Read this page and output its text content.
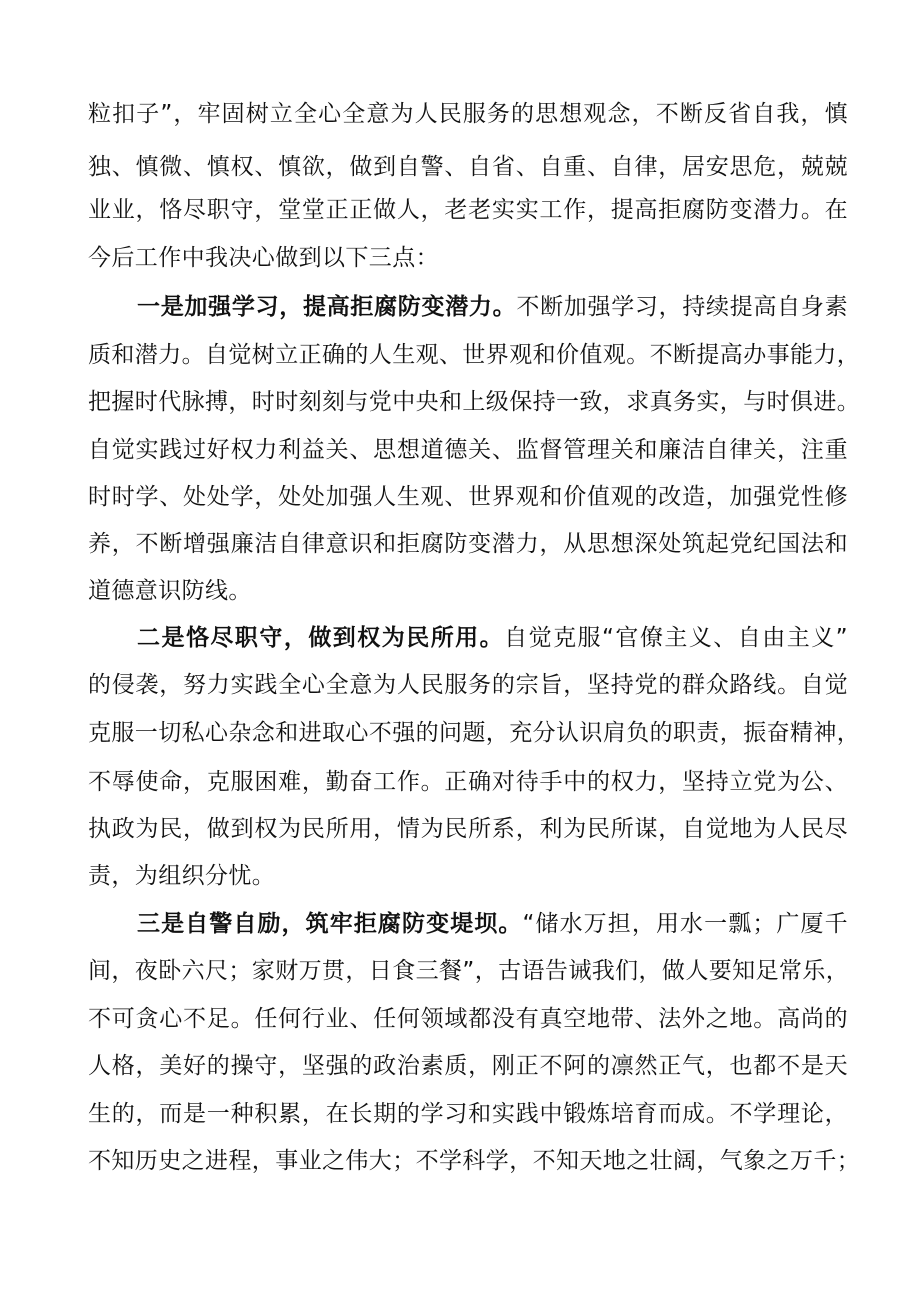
粒扣子”，牢固树立全心全意为人民服务的思想观念，不断反省自我，慎
独、慎微、慎权、慎欲，做到自警、自省、自重、自律，居安思危，兢兢
业业，恪尽职守，堂堂正正做人，老老实实工作，提高拒腐防变潜力。在
今后工作中我决心做到以下三点：
一是加强学习，提高拒腐防变潜力。不断加强学习，持续提高自身素
质和潜力。自觉树立正确的人生观、世界观和价值观。不断提高办事能力，
把握时代脉搏，时时刻刻与党中央和上级保持一致，求真务实，与时俱进。
自觉实践过好权力利益关、思想道德关、监督管理关和廉洁自律关，注重
时时学、处处学，处处加强人生观、世界观和价值观的改造，加强党性修
养，不断增强廉洁自律意识和拒腐防变潜力，从思想深处筑起党纪国法和
道德意识防线。
二是恪尽职守，做到权为民所用。自觉克服“官僚主义、自由主义”
的侵袭，努力实践全心全意为人民服务的宗旨，坚持党的群众路线。自觉
克服一切私心杂念和进取心不强的问题，充分认识肩负的职责，振奋精神，
不辱使命，克服困难，勤奋工作。正确对待手中的权力，坚持立党为公、
执政为民，做到权为民所用，情为民所系，利为民所谋，自觉地为人民尽
责，为组织分忧。
三是自警自励，筑牢拒腐防变堤坝。“储水万担，用水一瓢；广厦千
间，夜卧六尺；家财万贯，日食三餐”，古语告诫我们，做人要知足常乐，
不可贪心不足。任何行业、任何领域都没有真空地带、法外之地。高尚的
人格，美好的操守，坚强的政治素质，刚正不阿的凛然正气，也都不是天
生的，而是一种积累，在长期的学习和实践中锻炼培育而成。不学理论，
不知历史之进程，事业之伟大；不学科学，不知天地之壮阔，气象之万千；
